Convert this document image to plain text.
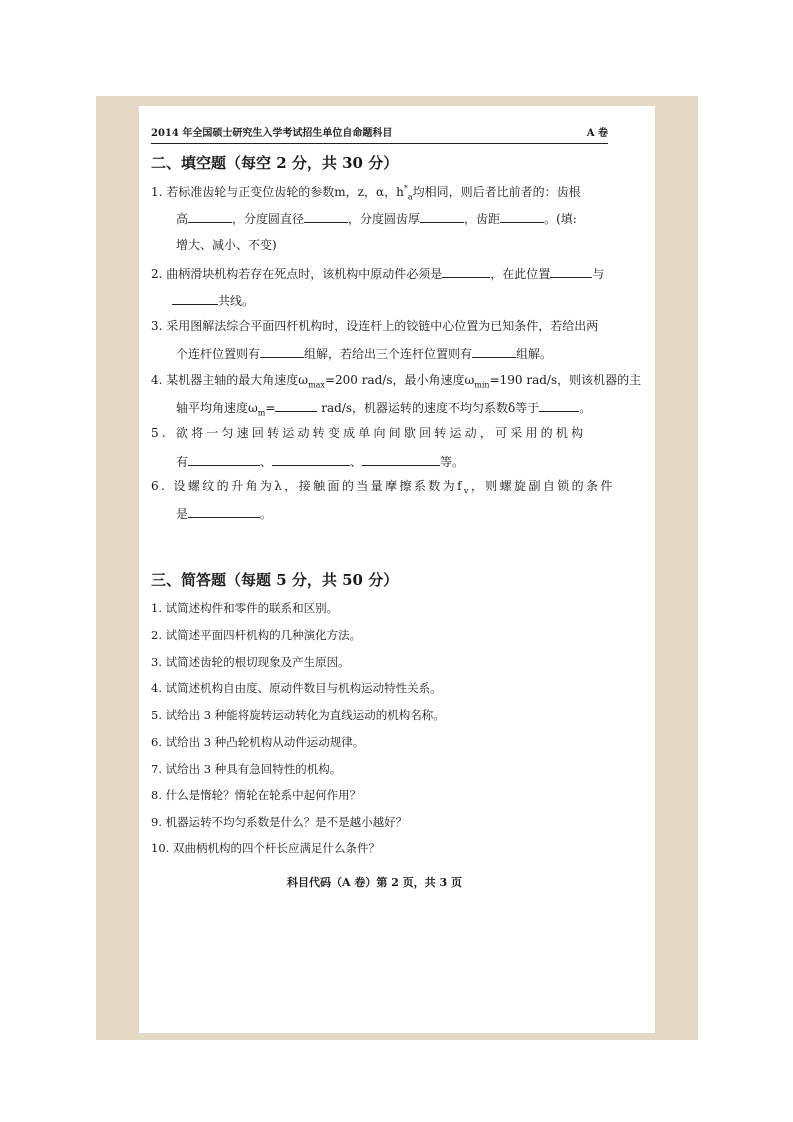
2014 年全国硕士研究生入学考试招生单位自命题科目	A 卷
二、填空题（每空 2 分，共 30 分）
1. 若标准齿轮与正变位齿轮的参数m，z，α，$h^*_a$均相同，则后者比前者的：齿根
高	，分度圆直径	，分度圆齿厚	，齿距	。(填:
增大、减小、不变)
2. 曲柄滑块机构若存在死点时，该机构中原动件必须是	，在此位置	与
共线。
3. 采用图解法综合平面四杆机构时，设连杆上的铰链中心位置为已知条件，若给出两
个连杆位置则有	组解，若给出三个连杆位置则有	组解。
4. 某机器主轴的最大角速度$\omega_{max}=200$ rad/s，最小角速度$\omega_{min}=190$ rad/s，则该机器的主
轴平均角速度$\omega_m=$	rad/s，机器运转的速度不均匀系数δ等于	。
5. 欲将一匀速回转运动转变成单向间歇回转运动，可采用的机构
有	、	、	等。
6. 设螺纹的升角为λ，接触面的当量摩擦系数为$f_v$，则螺旋副自锁的条件
是	。
三、简答题（每题 5 分，共 50 分）
1. 试简述构件和零件的联系和区别。
2. 试简述平面四杆机构的几种演化方法。
3. 试简述齿轮的根切现象及产生原因。
4. 试简述机构自由度、原动件数目与机构运动特性关系。
5. 试给出 3 种能将旋转运动转化为直线运动的机构名称。
6. 试给出 3 种凸轮机构从动件运动规律。
7. 试给出 3 种具有急回特性的机构。
8. 什么是惰轮？惰轮在轮系中起何作用？
9. 机器运转不均匀系数是什么？是不是越小越好？
10. 双曲柄机构的四个杆长应满足什么条件？
科目代码（A 卷）第 2 页，共 3 页
